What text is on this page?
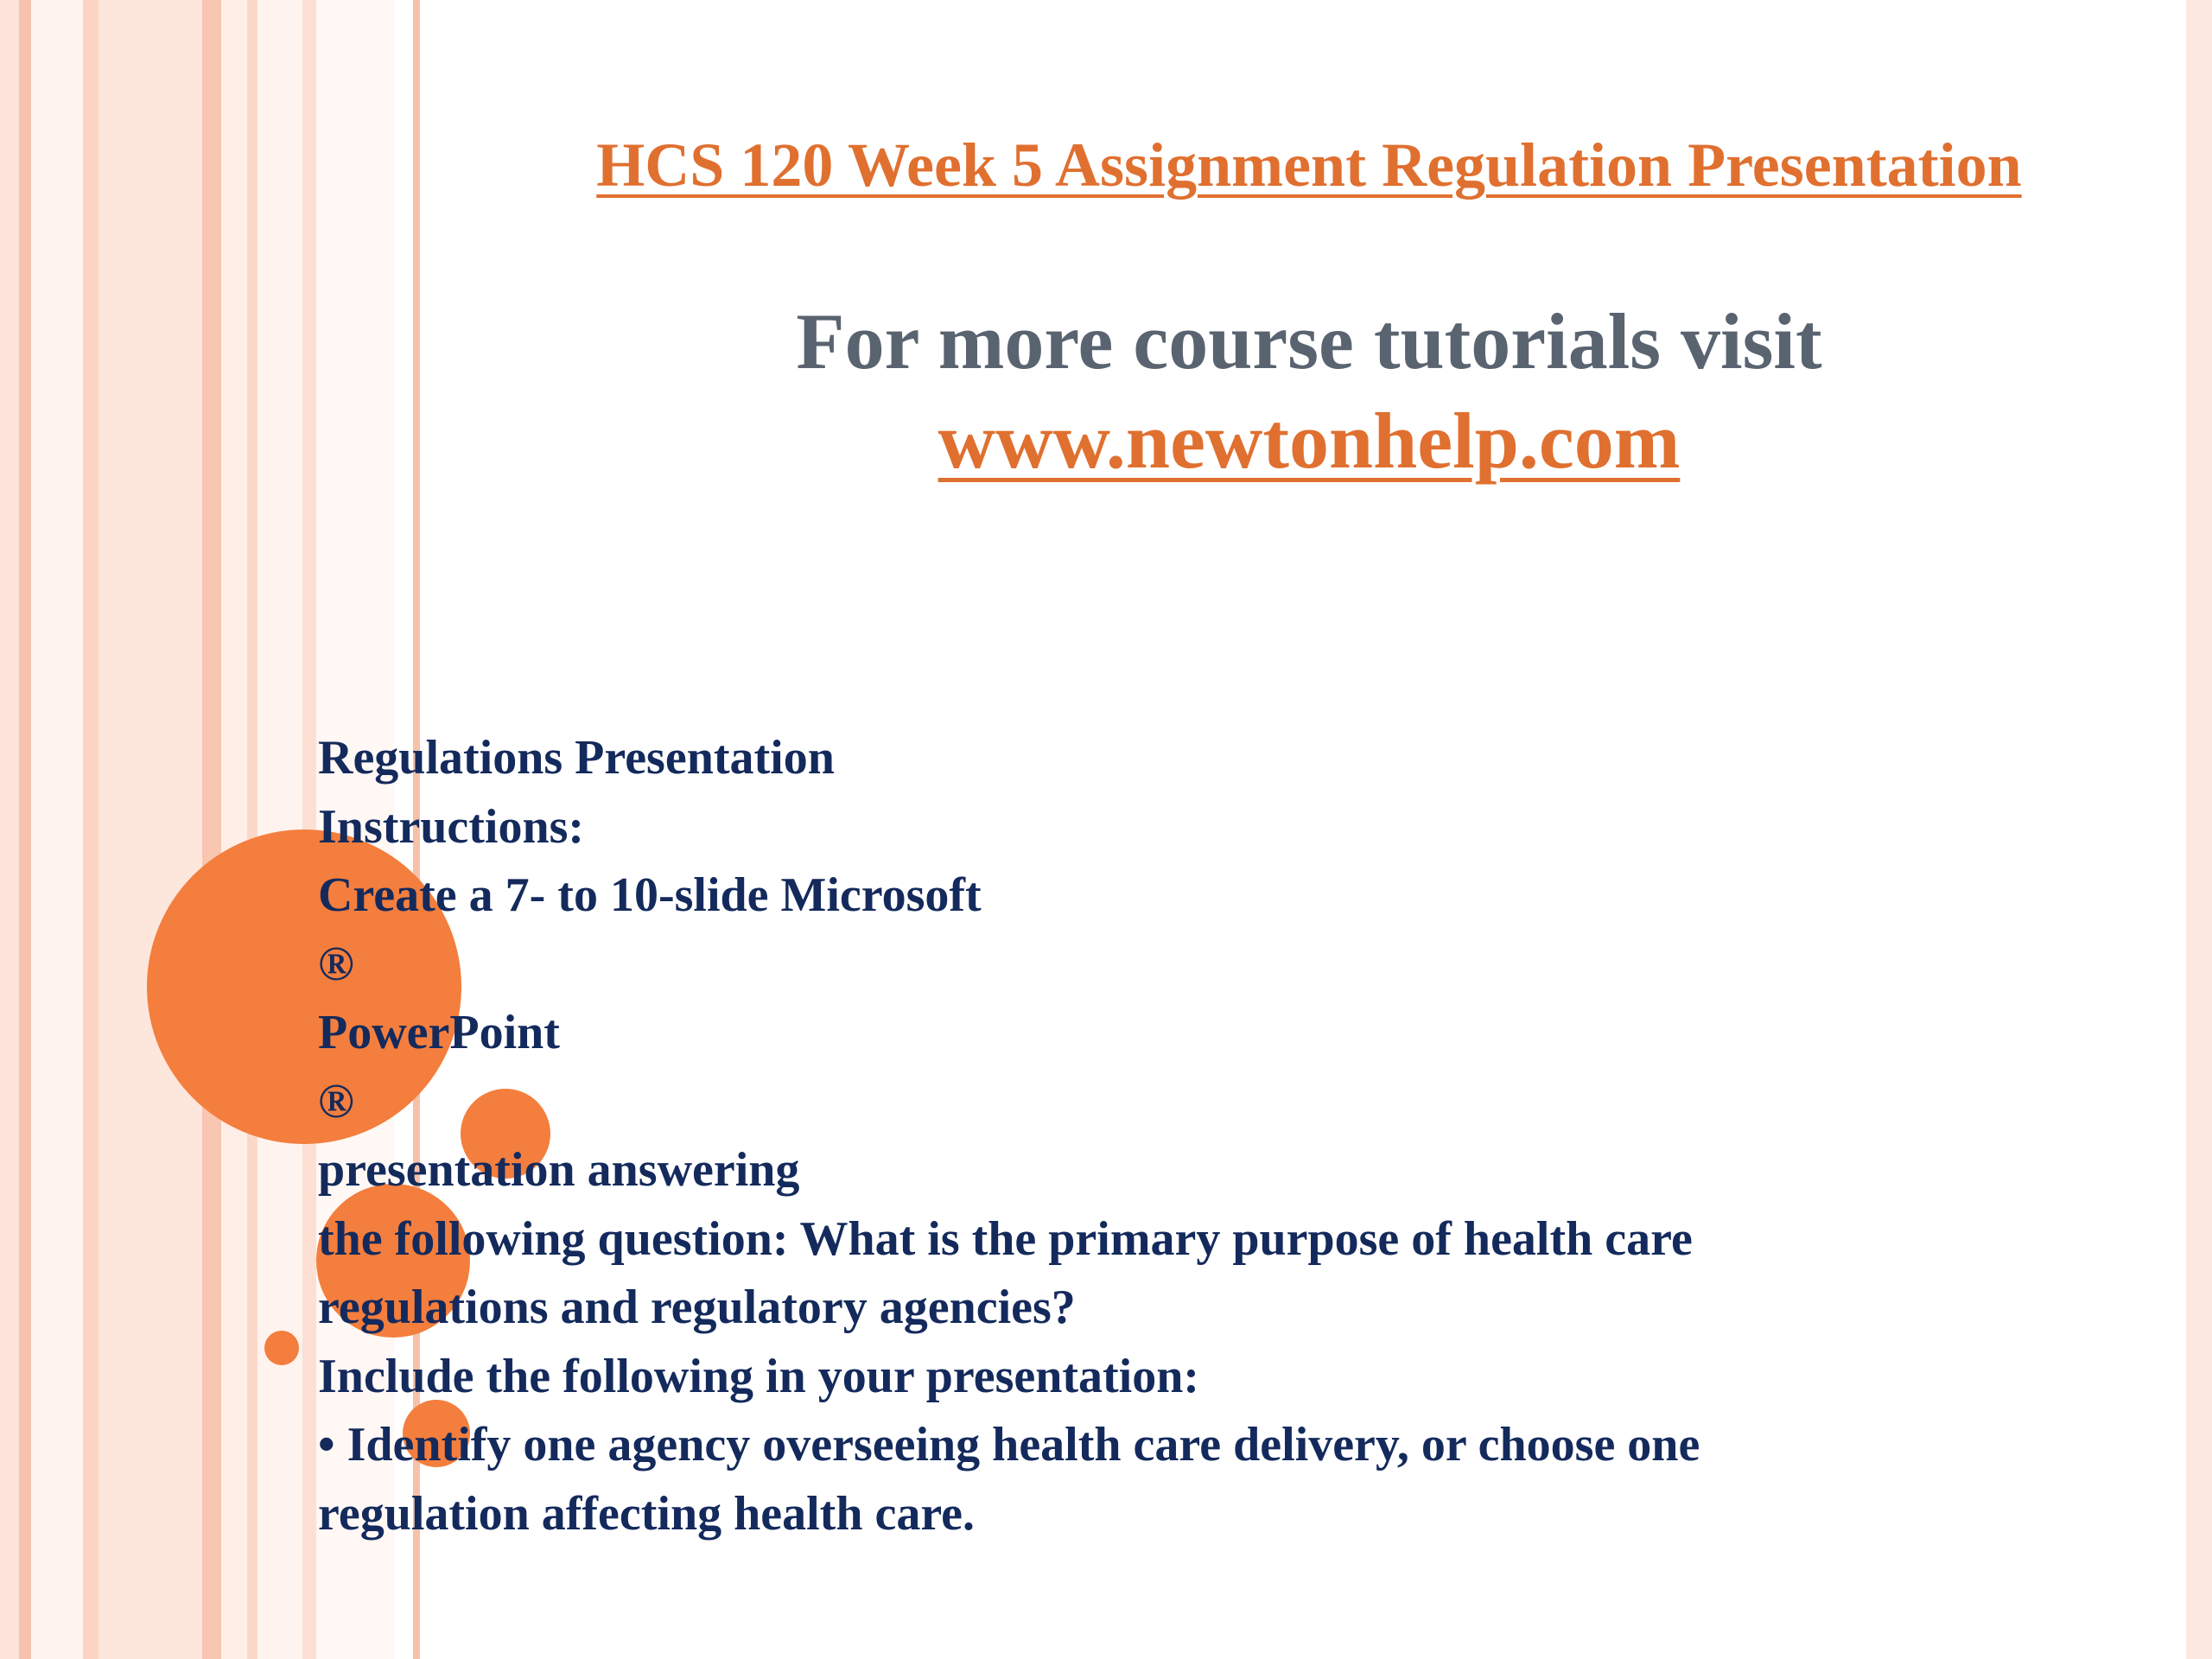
HCS 120 Week 5 Assignment Regulation Presentation
For more course tutorials visit
www.newtonhelp.com
Regulations Presentation
Instructions:
Create a 7- to 10-slide Microsoft
®
PowerPoint
®
presentation answering
the following question: What is the primary purpose of health care
regulations and regulatory agencies?
Include the following in your presentation:
• Identify one agency overseeing health care delivery, or choose one
regulation affecting health care.
